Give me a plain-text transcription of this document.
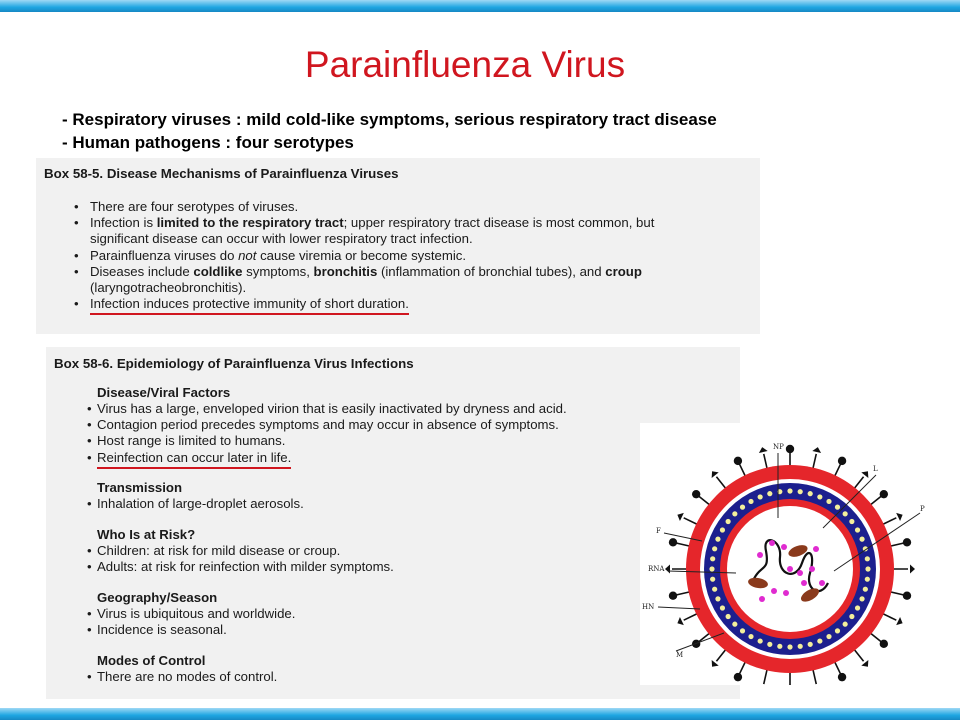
Parainfluenza Virus
- Respiratory viruses : mild cold-like symptoms, serious respiratory tract disease
- Human pathogens : four serotypes
Box 58-5. Disease Mechanisms of Parainfluenza Viruses
• There are four serotypes of viruses.
• Infection is limited to the respiratory tract; upper respiratory tract disease is most common, but
significant disease can occur with lower respiratory tract infection.
• Parainfluenza viruses do not cause viremia or become systemic.
• Diseases include coldlike symptoms, bronchitis (inflammation of bronchial tubes), and croup
(laryngotracheobronchitis).
• Infection induces protective immunity of short duration.
Box 58-6. Epidemiology of Parainfluenza Virus Infections
Disease/Viral Factors
• Virus has a large, enveloped virion that is easily inactivated by dryness and acid.
• Contagion period precedes symptoms and may occur in absence of symptoms.
• Host range is limited to humans.
• Reinfection can occur later in life.
Transmission
• Inhalation of large-droplet aerosols.
Who Is at Risk?
• Children: at risk for mild disease or croup.
• Adults: at risk for reinfection with milder symptoms.
Geography/Season
• Virus is ubiquitous and worldwide.
• Incidence is seasonal.
Modes of Control
• There are no modes of control.
NP
L
P
F
RNA
HN
M
